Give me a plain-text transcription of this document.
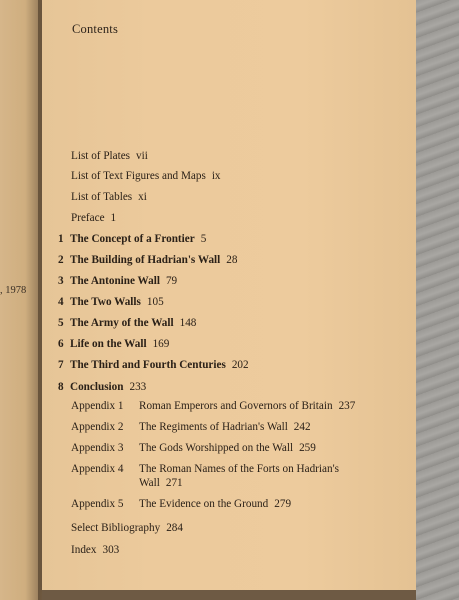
, 1978
Contents
List of Plates vii
List of Text Figures and Maps ix
List of Tables xi
Preface 1
1 The Concept of a Frontier 5
2 The Building of Hadrian's Wall 28
3 The Antonine Wall 79
4 The Two Walls 105
5 The Army of the Wall 148
6 Life on the Wall 169
7 The Third and Fourth Centuries 202
8 Conclusion 233
Appendix 1 Roman Emperors and Governors of Britain 237
Appendix 2 The Regiments of Hadrian's Wall 242
Appendix 3 The Gods Worshipped on the Wall 259
Appendix 4 The Roman Names of the Forts on Hadrian's Wall 271
Appendix 5 The Evidence on the Ground 279
Select Bibliography 284
Index 303
